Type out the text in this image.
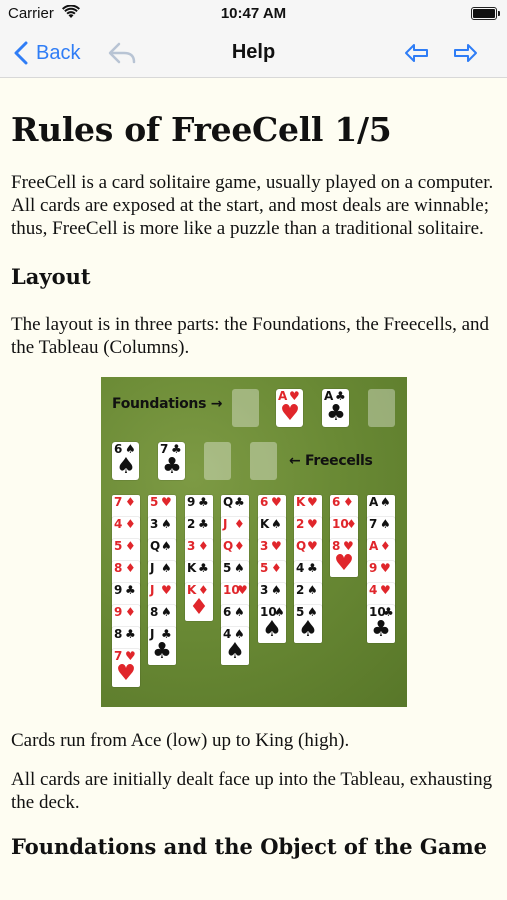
Carrier	10:47 AM
Back	Help
Rules of FreeCell 1/5

FreeCell is a card solitaire game, usually played on a computer. All cards are exposed at the start, and most deals are winnable; thus, FreeCell is more like a puzzle than a traditional solitaire.

Layout

The layout is in three parts: the Foundations, the Freecells, and the Tableau (Columns).

Foundations →	A ♥
♥
A ♣
♣
6 ♠
♠
7 ♣
♣	← Freecells
7 ♦
4 ♦
5 ♦
8 ♦
9 ♣
9 ♦
8 ♣
7 ♥
♥
5 ♥
3 ♠
Q ♠
J ♠
J ♥
8 ♠
J ♣
♣
9 ♣
2 ♣
3 ♦
K ♣
K ♦
♦
Q ♣
J ♦
Q ♦
5 ♠
10
♥
6 ♠
4 ♠
♠
6 ♥
K ♠
3 ♥
5 ♦
3 ♠
10
♠
♠
K ♥
2 ♥
Q ♥
4 ♣
2 ♠
5 ♠
♠
6 ♦
10
♦
8 ♥
♥
A ♠
7 ♠
A ♦
9 ♥
4 ♥
10
♣
♣

Cards run from Ace (low) up to King (high).

All cards are initially dealt face up into the Tableau, exhausting the deck.

Foundations and the Object of the Game
